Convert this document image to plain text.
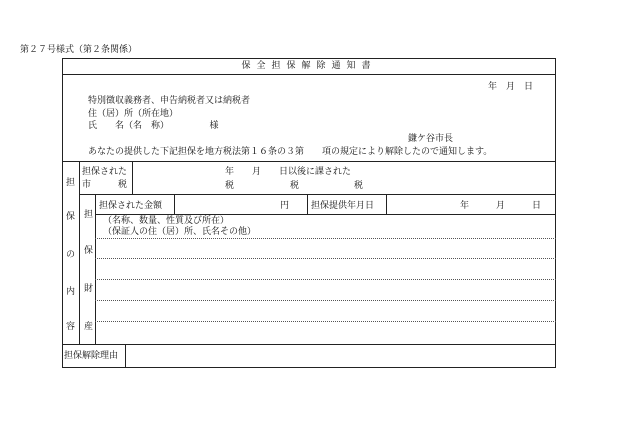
第２７号様式（第２条関係）
保全担保解除通知書
年　月　日
特別徴収義務者、申告納税者又は納税者
住（居）所（所在地）
氏　　名（名　称）　　　　　様
鎌ケ谷市長
あなたの提供した下記担保を地方税法第１６条の３第　　項の規定により解除したので通知します。
担
保
の
内
容
担保された
市　　　税
年　　月　　日以後に課された
税	税	税
担
保
財
産
担保された金額	円 担保提供年月日	年　　　月　　　日
（名称、数量、性質及び所在）
（保証人の住（居）所、氏名その他）
担保解除理由
